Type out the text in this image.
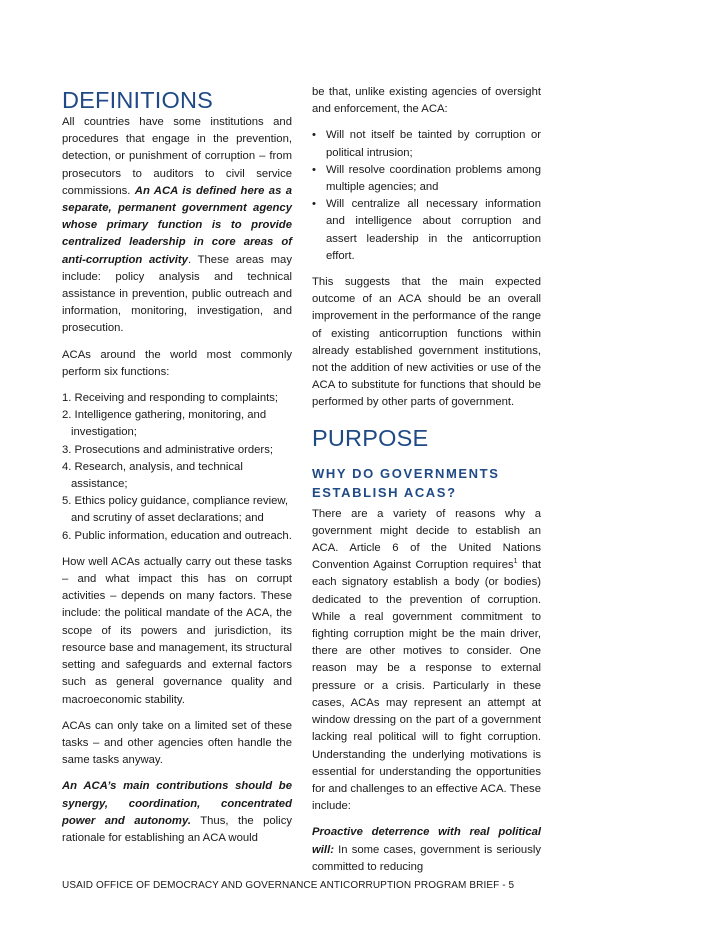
DEFINITIONS

All countries have some institutions and procedures that engage in the prevention, detection, or punishment of corruption – from prosecutors to auditors to civil service commissions. An ACA is defined here as a separate, permanent government agency whose primary function is to provide centralized leadership in core areas of anti-corruption activity. These areas may include: policy analysis and technical assistance in prevention, public outreach and information, monitoring, investigation, and prosecution.

ACAs around the world most commonly perform six functions:

1. Receiving and responding to complaints;
2. Intelligence gathering, monitoring, and investigation;
3. Prosecutions and administrative orders;
4. Research, analysis, and technical assistance;
5. Ethics policy guidance, compliance review, and scrutiny of asset declarations; and
6. Public information, education and outreach.

How well ACAs actually carry out these tasks – and what impact this has on corrupt activities – depends on many factors. These include: the political mandate of the ACA, the scope of its powers and jurisdiction, its resource base and management, its structural setting and safeguards and external factors such as general governance quality and macroeconomic stability.

ACAs can only take on a limited set of these tasks – and other agencies often handle the same tasks anyway.

An ACA’s main contributions should be synergy, coordination, concentrated power and autonomy. Thus, the policy rationale for establishing an ACA would

be that, unlike existing agencies of oversight and enforcement, the ACA:

• Will not itself be tainted by corruption or political intrusion;
• Will resolve coordination problems among multiple agencies; and
• Will centralize all necessary information and intelligence about corruption and assert leadership in the anticorruption effort.

This suggests that the main expected outcome of an ACA should be an overall improvement in the performance of the range of existing anticorruption functions within already established government institutions, not the addition of new activities or use of the ACA to substitute for functions that should be performed by other parts of government.

PURPOSE
WHY DO GOVERNMENTS ESTABLISH ACAS?

There are a variety of reasons why a government might decide to establish an ACA. Article 6 of the United Nations Convention Against Corruption requires$^1$ that each signatory establish a body (or bodies) dedicated to the prevention of corruption. While a real government commitment to fighting corruption might be the main driver, there are other motives to consider. One reason may be a response to external pressure or a crisis. Particularly in these cases, ACAs may represent an attempt at window dressing on the part of a government lacking real political will to fight corruption. Understanding the underlying motivations is essential for understanding the opportunities for and challenges to an effective ACA. These include:

Proactive deterrence with real political will: In some cases, government is seriously committed to reducing

USAID OFFICE OF DEMOCRACY AND GOVERNANCE ANTICORRUPTION PROGRAM BRIEF - 5
